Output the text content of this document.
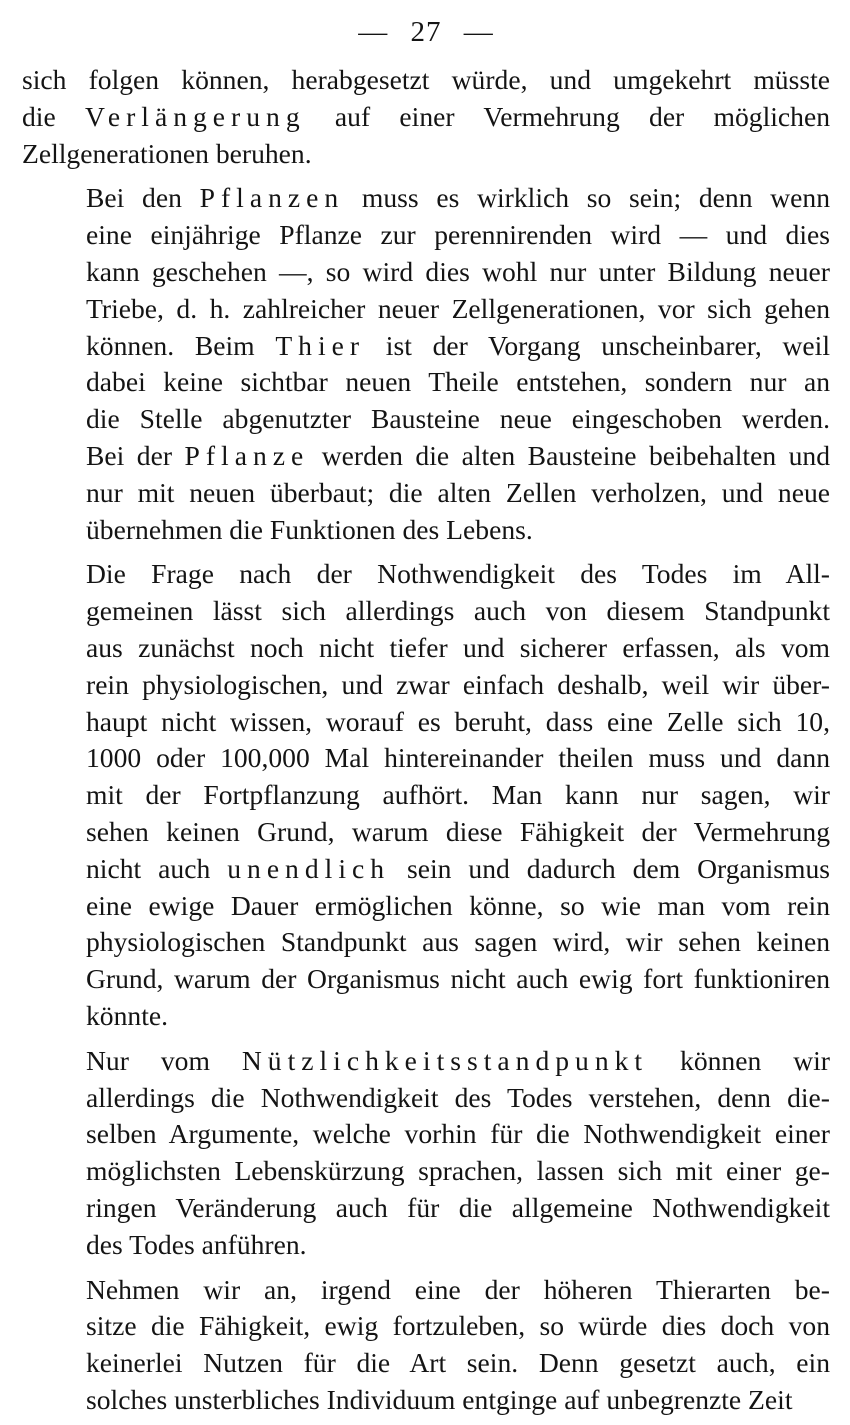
— 27 —

sich folgen können, herabgesetzt würde, und umgekehrt müsste
die Verlängerung auf einer Vermehrung der möglichen
Zellgenerationen beruhen.

Bei den Pflanzen muss es wirklich so sein; denn wenn
eine einjährige Pflanze zur perennirenden wird — und dies
kann geschehen —, so wird dies wohl nur unter Bildung neuer
Triebe, d. h. zahlreicher neuer Zellgenerationen, vor sich gehen
können. Beim Thier ist der Vorgang unscheinbarer, weil
dabei keine sichtbar neuen Theile entstehen, sondern nur an
die Stelle abgenutzter Bausteine neue eingeschoben werden.
Bei der Pflanze werden die alten Bausteine beibehalten und
nur mit neuen überbaut; die alten Zellen verholzen, und neue
übernehmen die Funktionen des Lebens.

Die Frage nach der Nothwendigkeit des Todes im All-
gemeinen lässt sich allerdings auch von diesem Standpunkt
aus zunächst noch nicht tiefer und sicherer erfassen, als vom
rein physiologischen, und zwar einfach deshalb, weil wir über-
haupt nicht wissen, worauf es beruht, dass eine Zelle sich 10,
1000 oder 100,000 Mal hintereinander theilen muss und dann
mit der Fortpflanzung aufhört. Man kann nur sagen, wir
sehen keinen Grund, warum diese Fähigkeit der Vermehrung
nicht auch unendlich sein und dadurch dem Organismus
eine ewige Dauer ermöglichen könne, so wie man vom rein
physiologischen Standpunkt aus sagen wird, wir sehen keinen
Grund, warum der Organismus nicht auch ewig fort funktioniren
könnte.

Nur vom Nützlichkeitsstandpunkt können wir
allerdings die Nothwendigkeit des Todes verstehen, denn die-
selben Argumente, welche vorhin für die Nothwendigkeit einer
möglichsten Lebenskürzung sprachen, lassen sich mit einer ge-
ringen Veränderung auch für die allgemeine Nothwendigkeit
des Todes anführen.

Nehmen wir an, irgend eine der höheren Thierarten be-
sitze die Fähigkeit, ewig fortzuleben, so würde dies doch von
keinerlei Nutzen für die Art sein. Denn gesetzt auch, ein
solches unsterbliches Individuum entginge auf unbegrenzte Zeit
